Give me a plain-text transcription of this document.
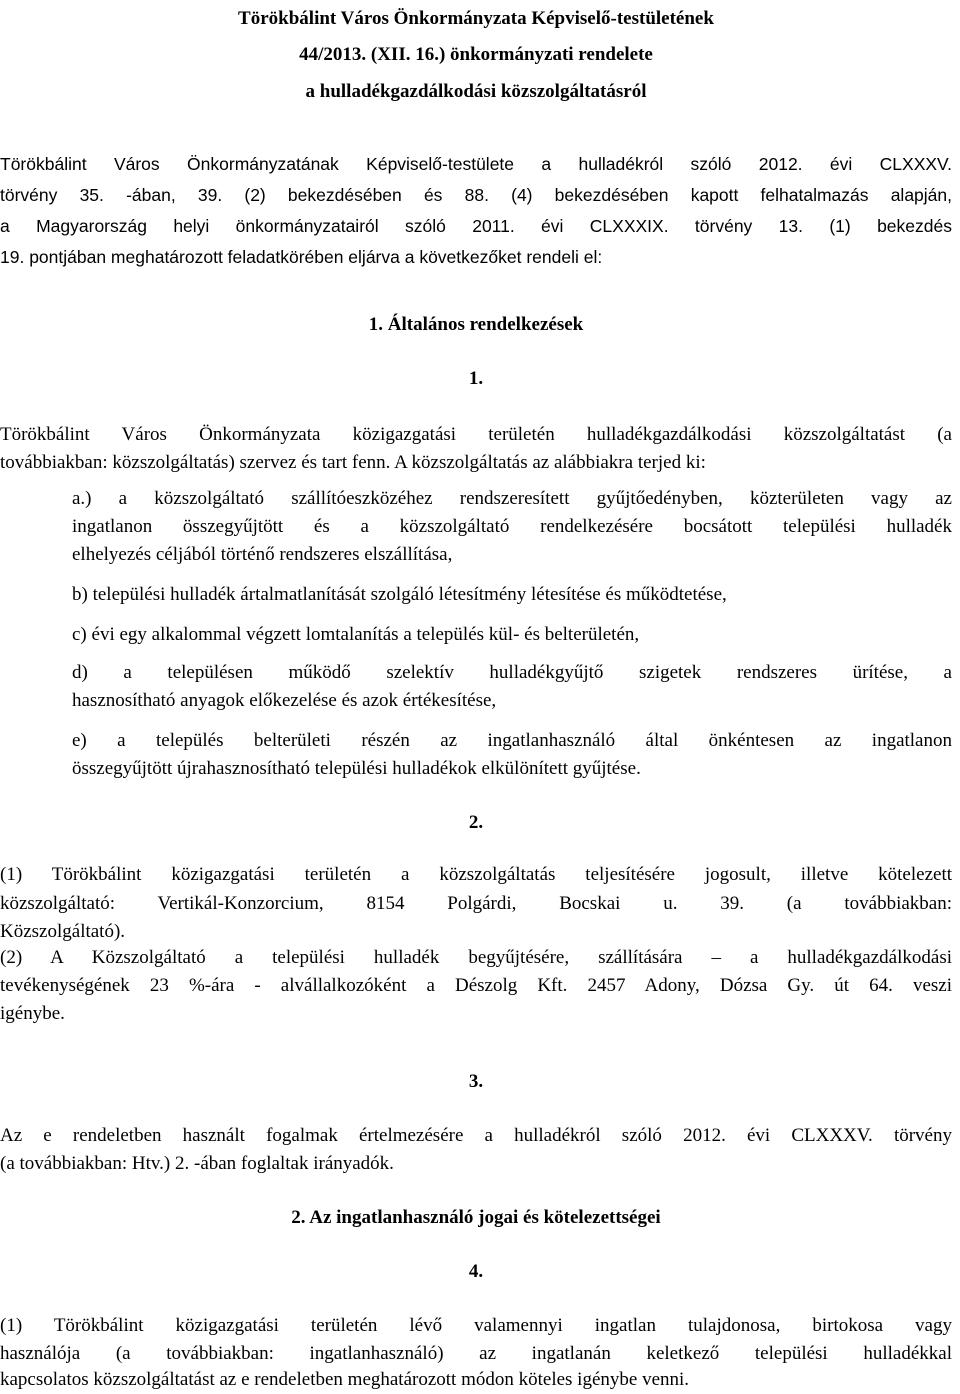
Törökbálint Város Önkormányzata Képviselő-testületének
44/2013. (XII. 16.) önkormányzati rendelete
a hulladékgazdálkodási közszolgáltatásról
Törökbálint Város Önkormányzatának Képviselő-testülete a hulladékról szóló 2012. évi CLXXXV.
törvény 35. -ában, 39. (2) bekezdésében és 88. (4) bekezdésében kapott felhatalmazás alapján,
a Magyarország helyi önkormányzatairól szóló 2011. évi CLXXXIX. törvény 13. (1) bekezdés
19. pontjában meghatározott feladatkörében eljárva a következőket rendeli el:
1. Általános rendelkezések
1.
Törökbálint Város Önkormányzata közigazgatási területén hulladékgazdálkodási közszolgáltatást (a
továbbiakban: közszolgáltatás) szervez és tart fenn. A közszolgáltatás az alábbiakra terjed ki:
a.) a közszolgáltató szállítóeszközéhez rendszeresített gyűjtőedényben, közterületen vagy az
ingatlanon összegyűjtött és a közszolgáltató rendelkezésére bocsátott települési hulladék
elhelyezés céljából történő rendszeres elszállítása,
b) települési hulladék ártalmatlanítását szolgáló létesítmény létesítése és működtetése,
c) évi egy alkalommal végzett lomtalanítás a település kül- és belterületén,
d) a településen működő szelektív hulladékgyűjtő szigetek rendszeres ürítése, a
hasznosítható anyagok előkezelése és azok értékesítése,
e) a település belterületi részén az ingatlanhasználó által önkéntesen az ingatlanon
összegyűjtött újrahasznosítható települési hulladékok elkülönített gyűjtése.
2.
(1) Törökbálint közigazgatási területén a közszolgáltatás teljesítésére jogosult, illetve kötelezett
közszolgáltató: Vertikál-Konzorcium, 8154 Polgárdi, Bocskai u. 39. (a továbbiakban:
Közszolgáltató).
(2) A Közszolgáltató a települési hulladék begyűjtésére, szállítására – a hulladékgazdálkodási
tevékenységének 23 %-ára - alvállalkozóként a Dészolg Kft. 2457 Adony, Dózsa Gy. út 64. veszi
igénybe.
3.
Az e rendeletben használt fogalmak értelmezésére a hulladékról szóló 2012. évi CLXXXV. törvény
(a továbbiakban: Htv.) 2. -ában foglaltak irányadók.
2. Az ingatlanhasználó jogai és kötelezettségei
4.
(1) Törökbálint közigazgatási területén lévő valamennyi ingatlan tulajdonosa, birtokosa vagy
használója (a továbbiakban: ingatlanhasználó) az ingatlanán keletkező települési hulladékkal
kapcsolatos közszolgáltatást az e rendeletben meghatározott módon köteles igénybe venni.
